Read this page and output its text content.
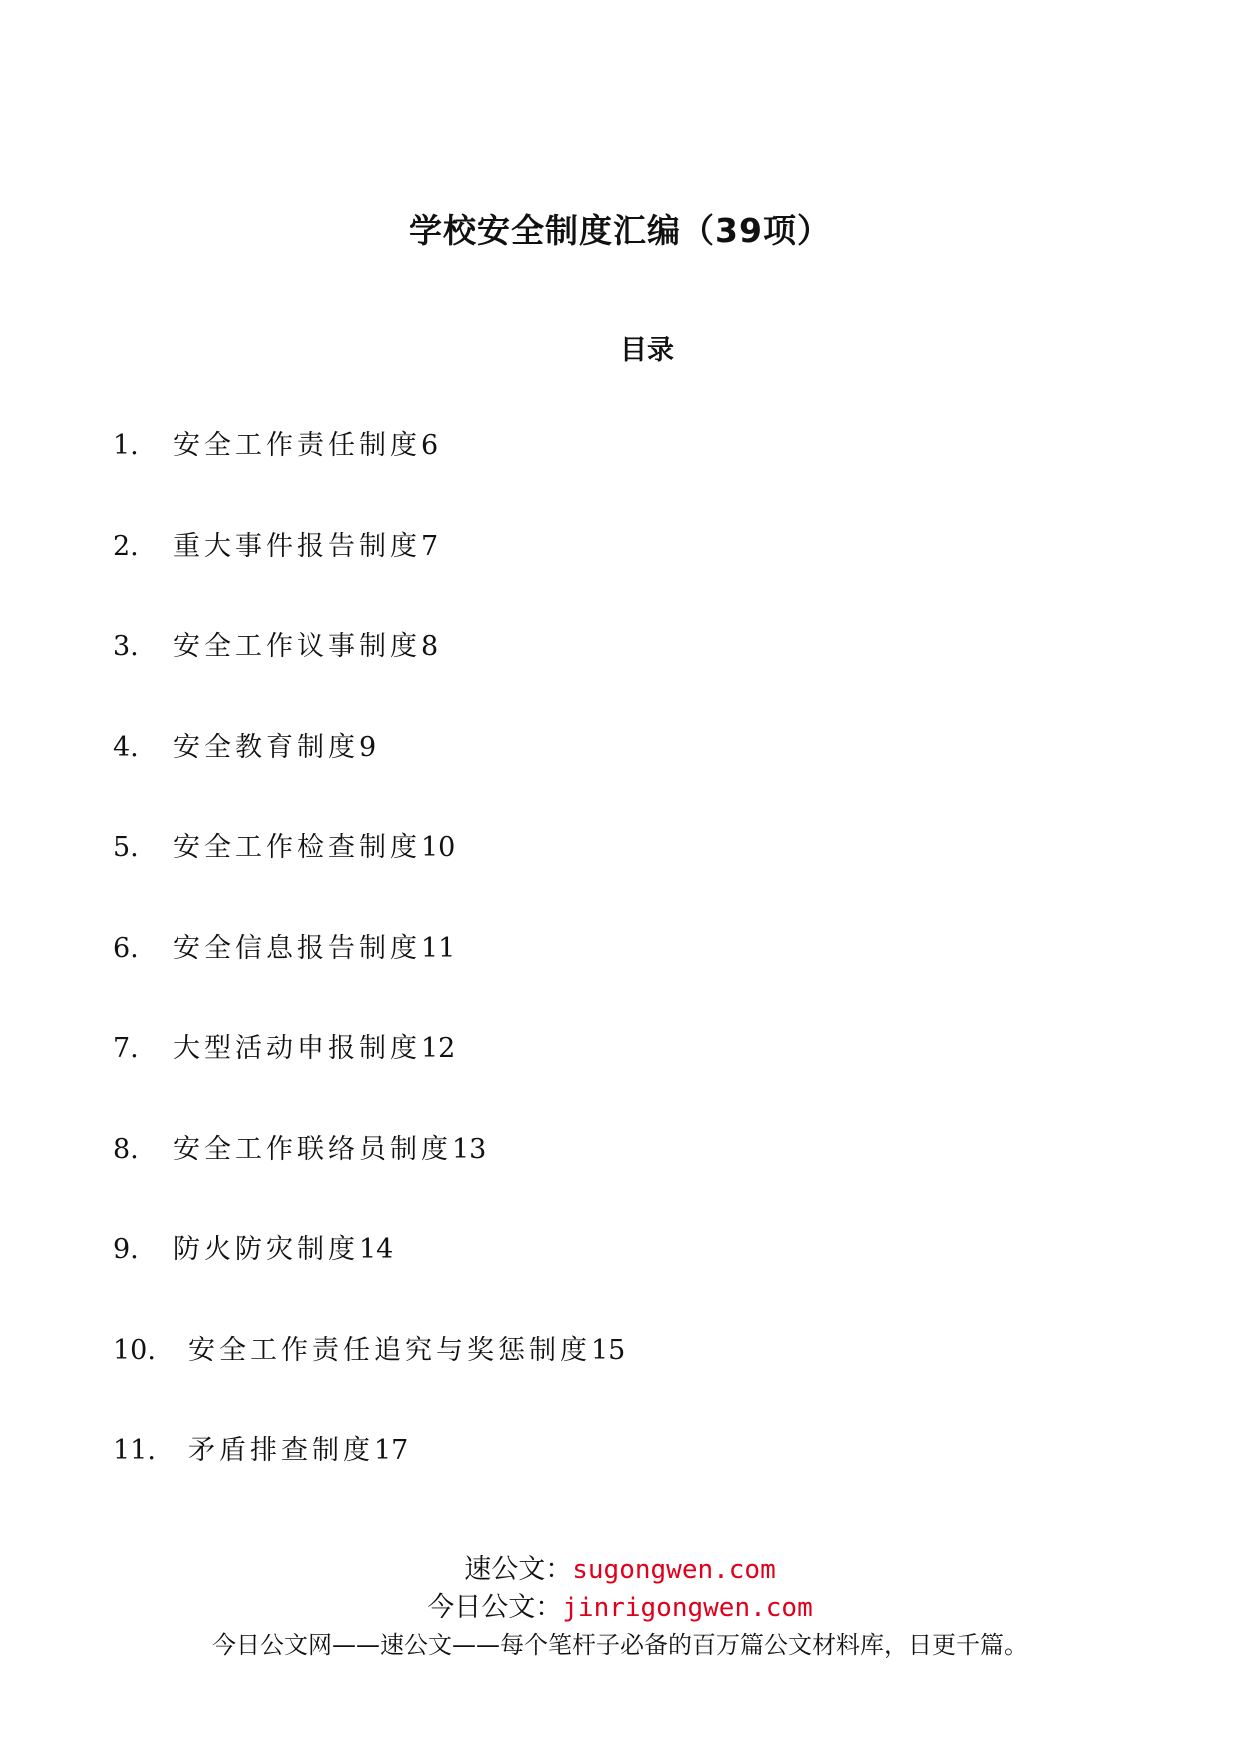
学校安全制度汇编（39项）
目录
1. 安全工作责任制度6
2. 重大事件报告制度7
3. 安全工作议事制度8
4. 安全教育制度9
5. 安全工作检查制度10
6. 安全信息报告制度11
7. 大型活动申报制度12
8. 安全工作联络员制度13
9. 防火防灾制度14
10. 安全工作责任追究与奖惩制度15
11. 矛盾排查制度17
速公文：sugongwen.com
今日公文：jinrigongwen.com
今日公文网——速公文——每个笔杆子必备的百万篇公文材料库，日更千篇。
